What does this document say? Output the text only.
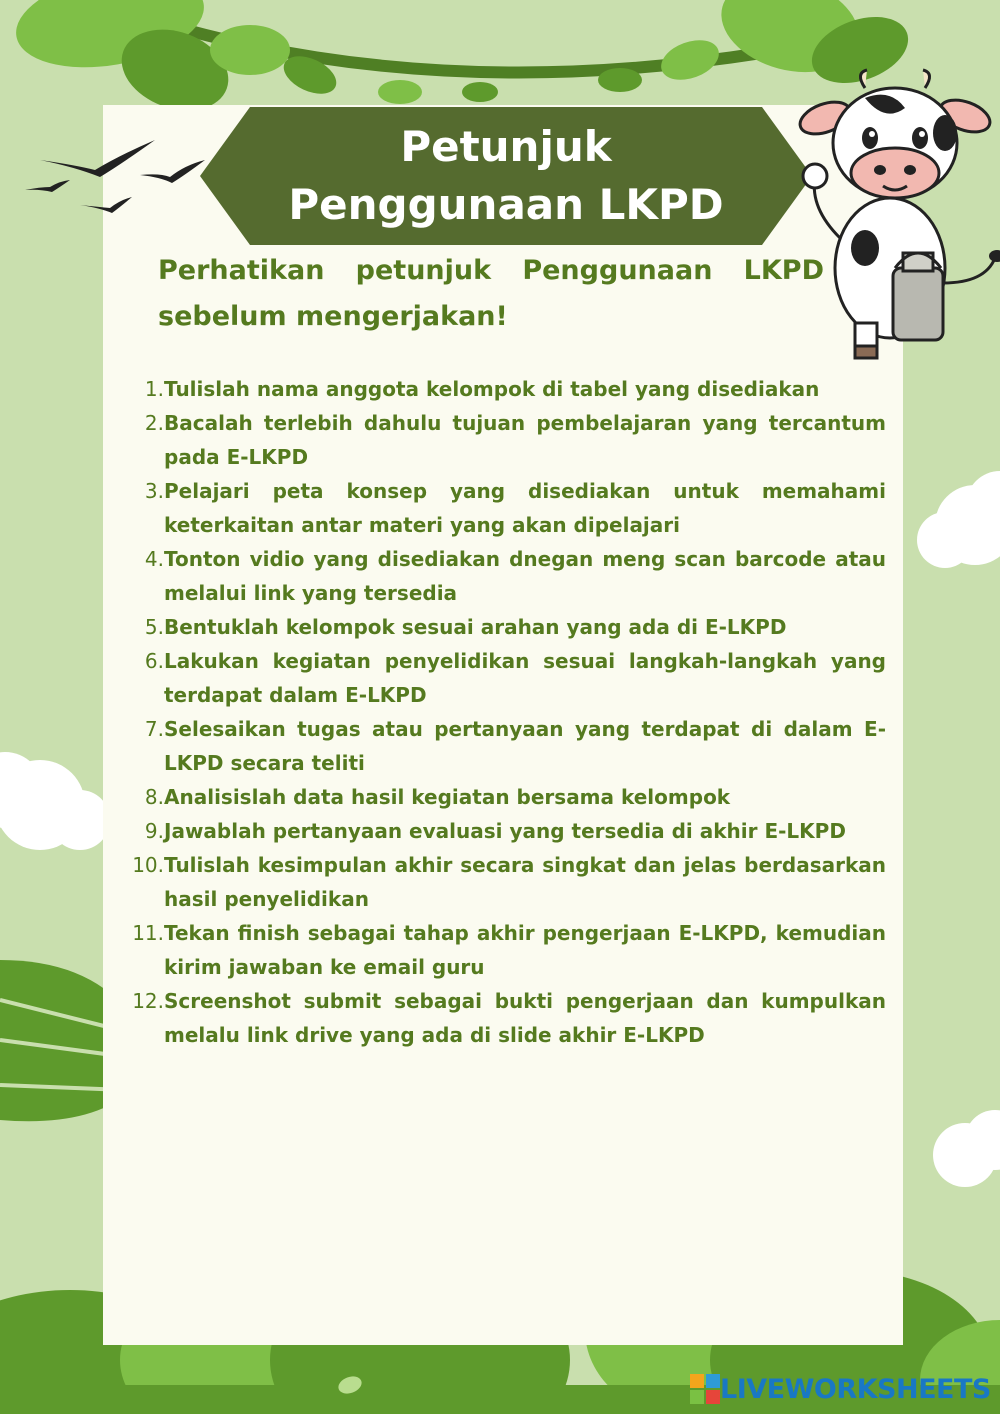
Petunjuk
Penggunaan LKPD
Perhatikan petunjuk Penggunaan LKPD sebelum mengerjakan!
1. Tulislah nama anggota kelompok di tabel yang disediakan
2. Bacalah terlebih dahulu tujuan pembelajaran yang tercantum pada E-LKPD
3. Pelajari peta konsep yang disediakan untuk memahami keterkaitan antar materi yang akan dipelajari
4. Tonton vidio yang disediakan dnegan meng scan barcode atau melalui link yang tersedia
5. Bentuklah kelompok sesuai arahan yang ada di E-LKPD
6. Lakukan kegiatan penyelidikan sesuai langkah-langkah yang terdapat dalam E-LKPD
7. Selesaikan tugas atau pertanyaan yang terdapat di dalam E-LKPD secara teliti
8. Analisislah data hasil kegiatan bersama kelompok
9. Jawablah pertanyaan evaluasi yang tersedia di akhir E-LKPD
10. Tulislah kesimpulan akhir secara singkat dan jelas berdasarkan hasil penyelidikan
11. Tekan finish sebagai tahap akhir pengerjaan E-LKPD, kemudian kirim jawaban ke email guru
12. Screenshot submit sebagai bukti pengerjaan dan kumpulkan melalu link drive yang ada di slide akhir E-LKPD
LIVEWORKSHEETS
